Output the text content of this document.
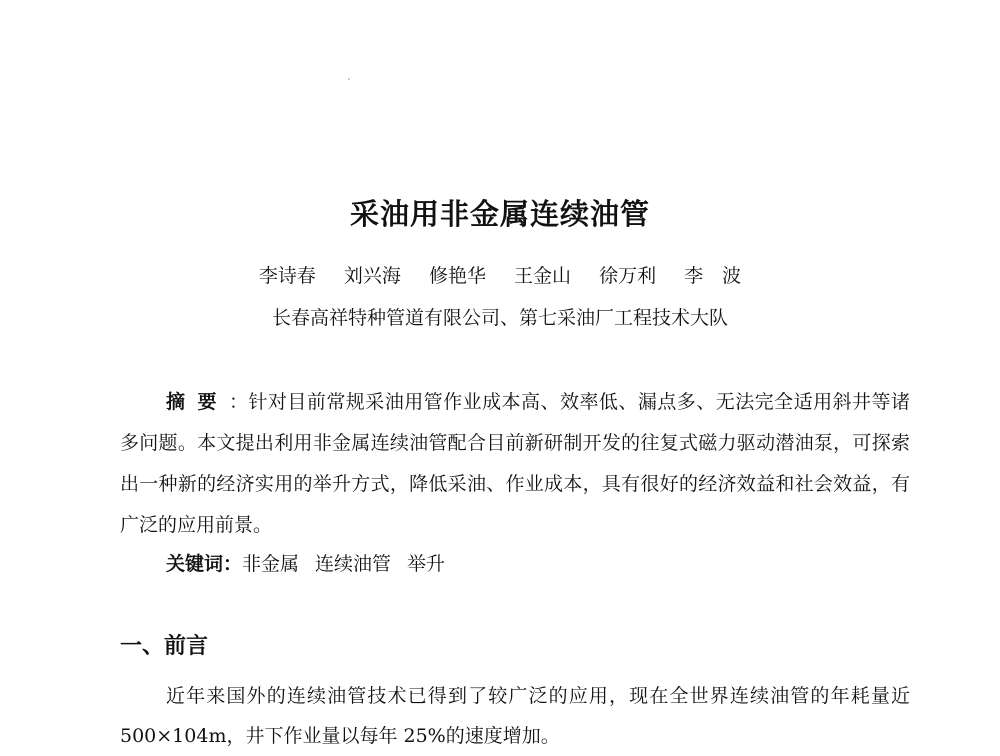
采油用非金属连续油管
李诗春 刘兴海 修艳华 王金山 徐万利 李　波
长春高祥特种管道有限公司、第七采油厂工程技术大队
摘要：针对目前常规采油用管作业成本高、效率低、漏点多、无法完全适用斜井等诸多问题。本文提出利用非金属连续油管配合目前新研制开发的往复式磁力驱动潜油泵，可探索出一种新的经济实用的举升方式，降低采油、作业成本，具有很好的经济效益和社会效益，有广泛的应用前景。
关键词：非金属 连续油管 举升
一、前言
近年来国外的连续油管技术已得到了较广泛的应用，现在全世界连续油管的年耗量近 500×104m，井下作业量以每年 25%的速度增加。
